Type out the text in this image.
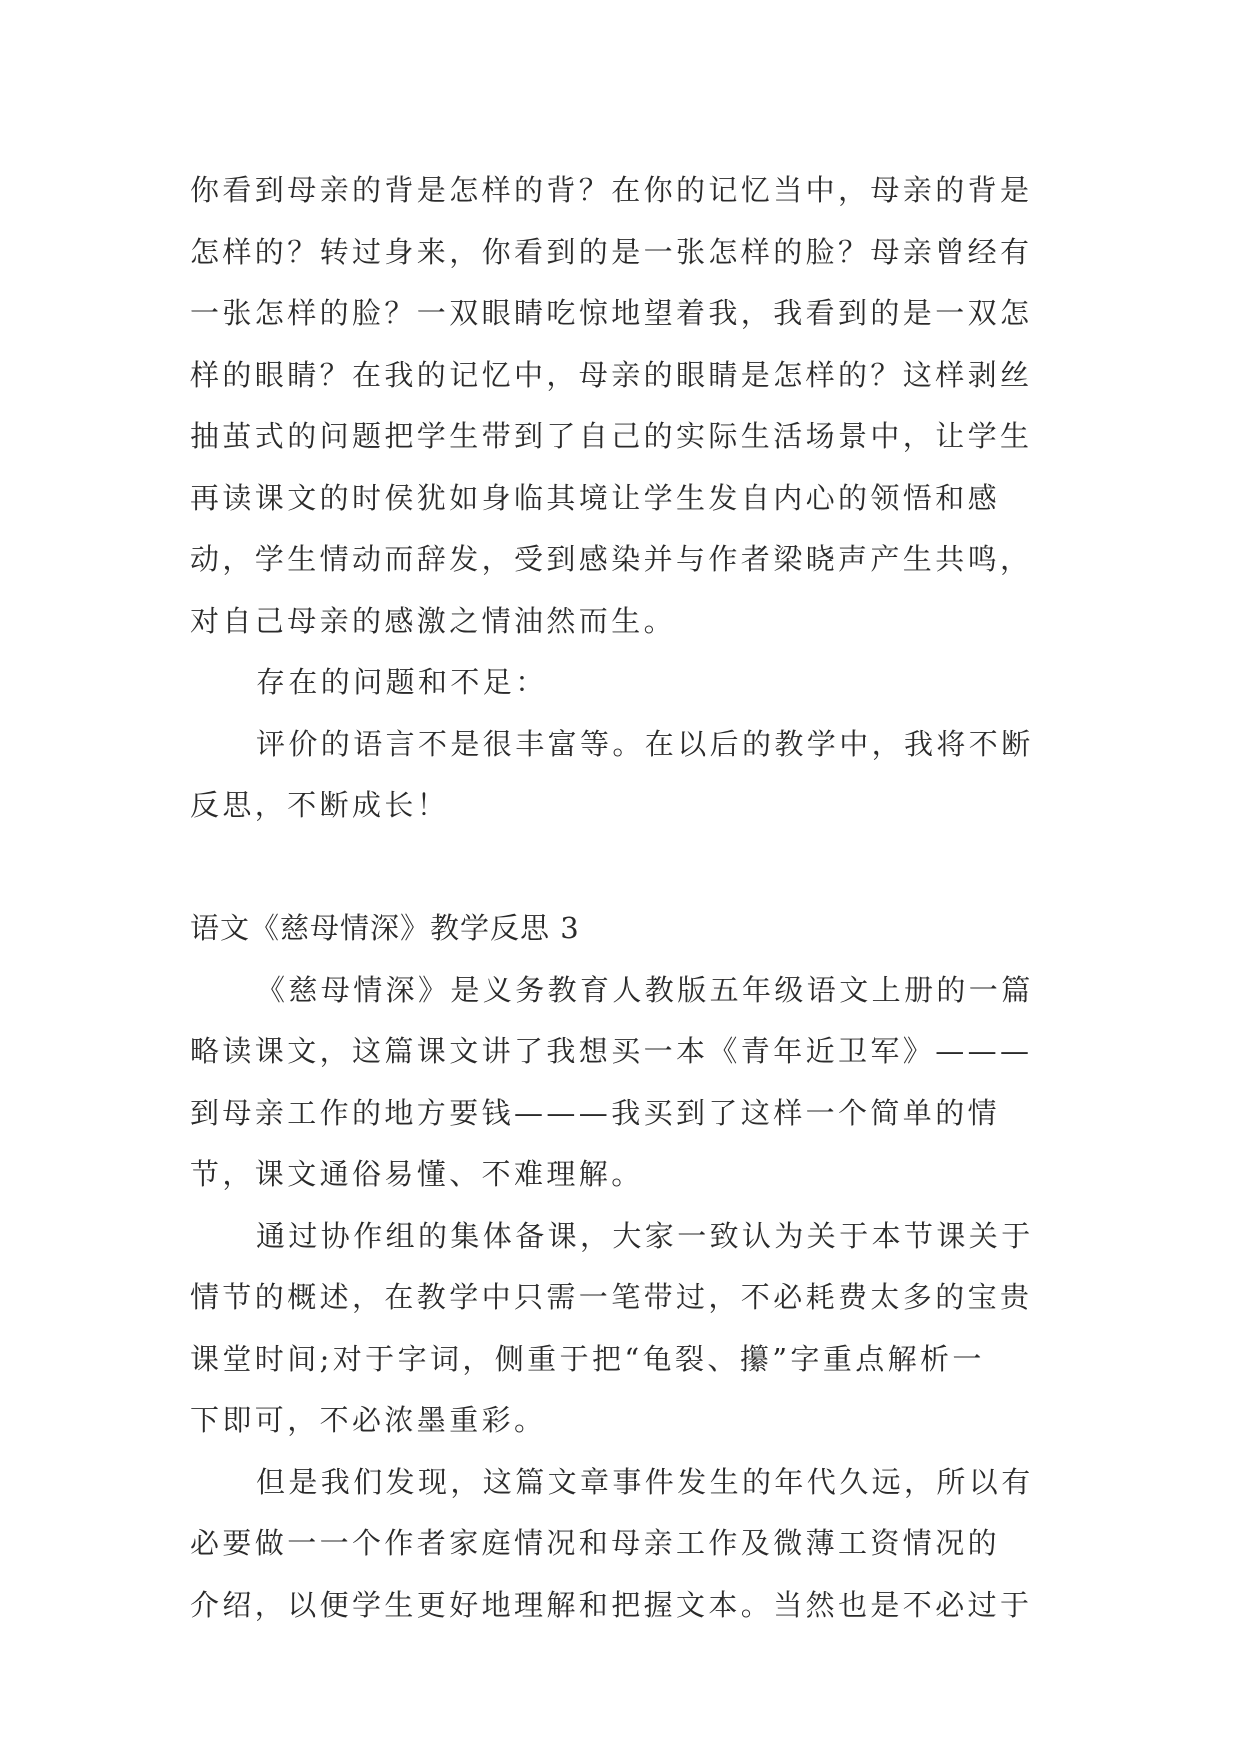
你看到母亲的背是怎样的背？在你的记忆当中，母亲的背是
怎样的？转过身来，你看到的是一张怎样的脸？母亲曾经有
一张怎样的脸？一双眼睛吃惊地望着我，我看到的是一双怎
样的眼睛？在我的记忆中，母亲的眼睛是怎样的？这样剥丝
抽茧式的问题把学生带到了自己的实际生活场景中，让学生
再读课文的时侯犹如身临其境让学生发自内心的领悟和感
动，学生情动而辞发，受到感染并与作者梁晓声产生共鸣，
对自己母亲的感激之情油然而生。
存在的问题和不足：
评价的语言不是很丰富等。在以后的教学中，我将不断
反思，不断成长！
语文《慈母情深》教学反思 3
《慈母情深》是义务教育人教版五年级语文上册的一篇
略读课文，这篇课文讲了我想买一本《青年近卫军》———
到母亲工作的地方要钱———我买到了这样一个简单的情
节，课文通俗易懂、不难理解。
通过协作组的集体备课，大家一致认为关于本节课关于
情节的概述，在教学中只需一笔带过，不必耗费太多的宝贵
课堂时间;对于字词，侧重于把“龟裂、攥”字重点解析一
下即可，不必浓墨重彩。
但是我们发现，这篇文章事件发生的年代久远，所以有
必要做一一个作者家庭情况和母亲工作及微薄工资情况的
介绍，以便学生更好地理解和把握文本。当然也是不必过于
